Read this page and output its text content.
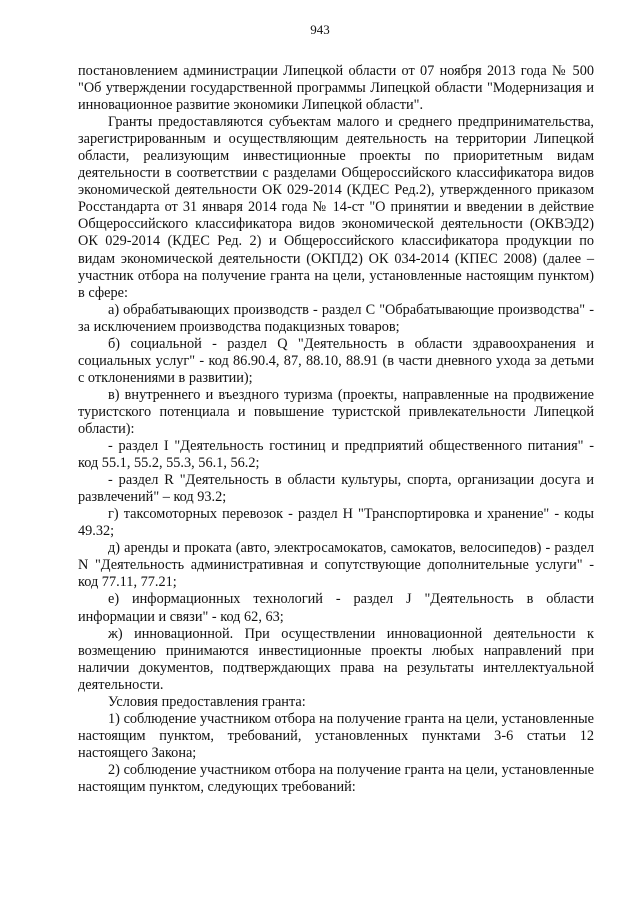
943

постановлением администрации Липецкой области от 07 ноября 2013 года № 500 "Об утверждении государственной программы Липецкой области "Модернизация и инновационное развитие экономики Липецкой области".

Гранты предоставляются субъектам малого и среднего предпринимательства, зарегистрированным и осуществляющим деятельность на территории Липецкой области, реализующим инвестиционные проекты по приоритетным видам деятельности в соответствии с разделами Общероссийского классификатора видов экономической деятельности ОК 029-2014 (КДЕС Ред.2), утвержденного приказом Росстандарта от 31 января 2014 года № 14-ст "О принятии и введении в действие Общероссийского классификатора видов экономической деятельности (ОКВЭД2) ОК 029-2014 (КДЕС Ред. 2) и Общероссийского классификатора продукции по видам экономической деятельности (ОКПД2) ОК 034-2014 (КПЕС 2008) (далее – участник отбора на получение гранта на цели, установленные настоящим пунктом) в сфере:

а) обрабатывающих производств - раздел C "Обрабатывающие производства" - за исключением производства подакцизных товаров;

б) социальной - раздел Q "Деятельность в области здравоохранения и социальных услуг" - код 86.90.4, 87, 88.10, 88.91 (в части дневного ухода за детьми с отклонениями в развитии);

в) внутреннего и въездного туризма (проекты, направленные на продвижение туристского потенциала и повышение туристской привлекательности Липецкой области):

- раздел I "Деятельность гостиниц и предприятий общественного питания" - код 55.1, 55.2, 55.3, 56.1, 56.2;

- раздел R "Деятельность в области культуры, спорта, организации досуга и развлечений" – код 93.2;

г) таксомоторных перевозок - раздел H "Транспортировка и хранение" - коды 49.32;

д) аренды и проката (авто, электросамокатов, самокатов, велосипедов) - раздел N "Деятельность административная и сопутствующие дополнительные услуги" - код 77.11, 77.21;

е) информационных технологий - раздел J "Деятельность в области информации и связи" - код 62, 63;

ж) инновационной. При осуществлении инновационной деятельности к возмещению принимаются инвестиционные проекты любых направлений при наличии документов, подтверждающих права на результаты интеллектуальной деятельности.

Условия предоставления гранта:

1) соблюдение участником отбора на получение гранта на цели, установленные настоящим пунктом, требований, установленных пунктами 3-6 статьи 12 настоящего Закона;

2) соблюдение участником отбора на получение гранта на цели, установленные настоящим пунктом, следующих требований:
